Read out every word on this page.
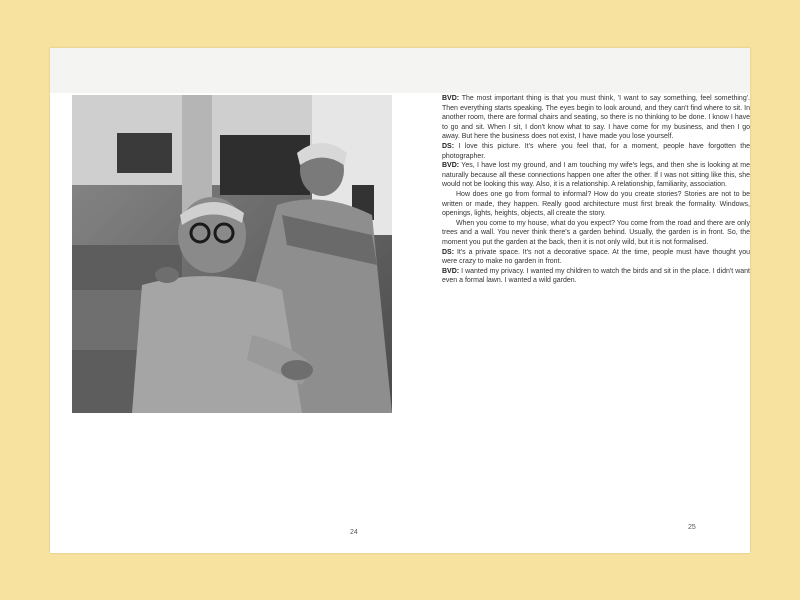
BVD: The most important thing is that you must think, 'I want to say something, feel something'. Then everything starts speaking. The eyes begin to look around, and they can't find where to sit. In another room, there are formal chairs and seating, so there is no thinking to be done. I know I have to go and sit. When I sit, I don't know what to say. I have come for my business, and then I go away. But here the business does not exist, I have made you lose yourself.

DS: I love this picture. It's where you feel that, for a moment, people have forgotten the photographer.

BVD: Yes, I have lost my ground, and I am touching my wife's legs, and then she is looking at me naturally because all these connections happen one after the other. If I was not sitting like this, she would not be looking this way. Also, it is a relationship. A relationship, familiarity, association.

How does one go from formal to informal? How do you create stories? Stories are not to be written or made, they happen. Really good architecture must first break the formality. Windows, openings, lights, heights, objects, all create the story.

When you come to my house, what do you expect? You come from the road and there are only trees and a wall. You never think there's a garden behind. Usually, the garden is in front. So, the moment you put the garden at the back, then it is not only wild, but it is not formalised.

DS: It's a private space. It's not a decorative space. At the time, people must have thought you were crazy to make no garden in front.

BVD: I wanted my privacy. I wanted my children to watch the birds and sit in the place. I didn't want even a formal lawn. I wanted a wild garden.

24
25
